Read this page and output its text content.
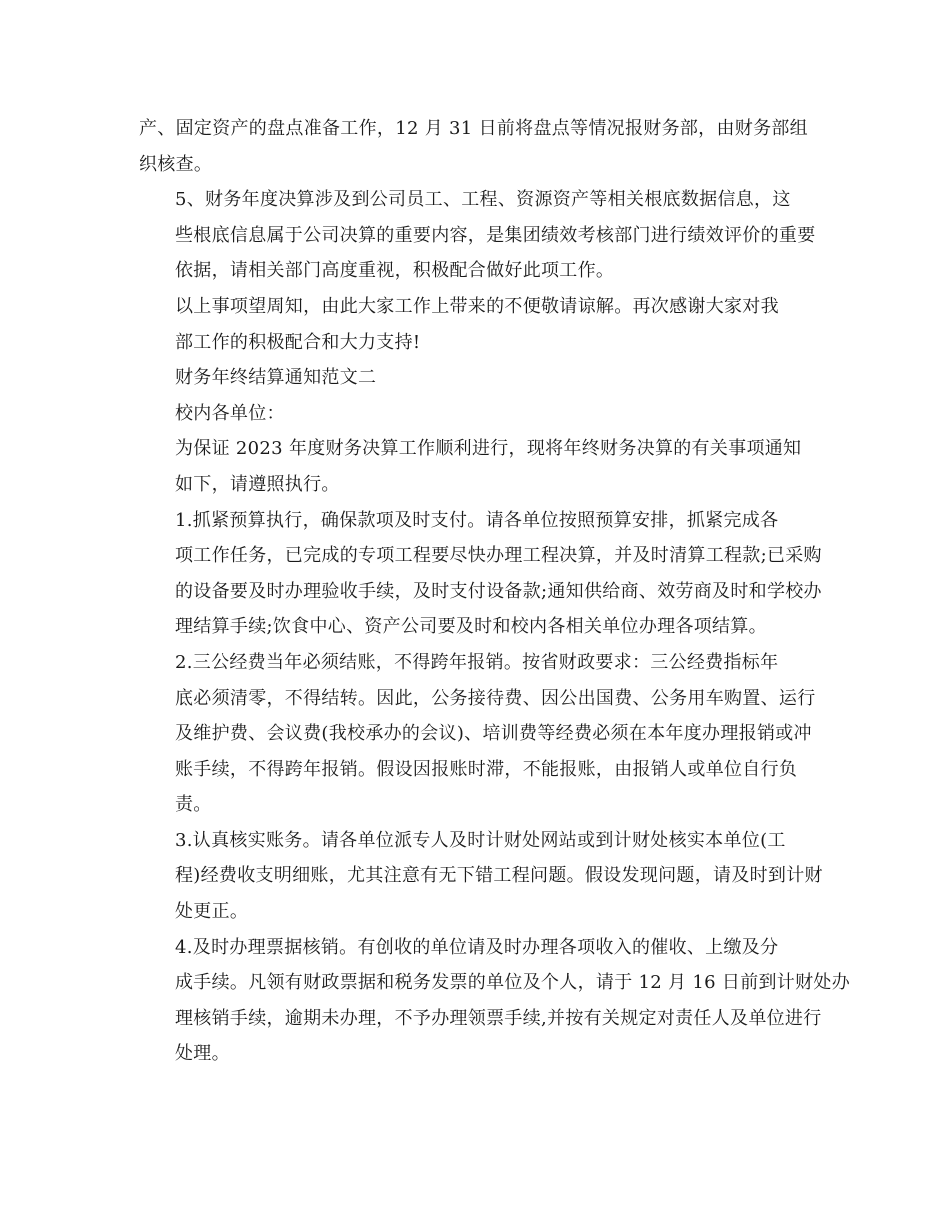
产、固定资产的盘点准备工作，12 月 31 日前将盘点等情况报财务部，由财务部组
织核查。

5、财务年度决算涉及到公司员工、工程、资源资产等相关根底数据信息，这
些根底信息属于公司决算的重要内容，是集团绩效考核部门进行绩效评价的重要
依据，请相关部门高度重视，积极配合做好此项工作。

以上事项望周知，由此大家工作上带来的不便敬请谅解。再次感谢大家对我
部工作的积极配合和大力支持!

财务年终结算通知范文二

校内各单位：

为保证 2023 年度财务决算工作顺利进行，现将年终财务决算的有关事项通知
如下，请遵照执行。

1.抓紧预算执行，确保款项及时支付。请各单位按照预算安排，抓紧完成各
项工作任务，已完成的专项工程要尽快办理工程决算，并及时清算工程款;已采购
的设备要及时办理验收手续，及时支付设备款;通知供给商、效劳商及时和学校办
理结算手续;饮食中心、资产公司要及时和校内各相关单位办理各项结算。

2.三公经费当年必须结账，不得跨年报销。按省财政要求：三公经费指标年
底必须清零，不得结转。因此，公务接待费、因公出国费、公务用车购置、运行
及维护费、会议费(我校承办的会议)、培训费等经费必须在本年度办理报销或冲
账手续，不得跨年报销。假设因报账时滞，不能报账，由报销人或单位自行负
责。

3.认真核实账务。请各单位派专人及时计财处网站或到计财处核实本单位(工
程)经费收支明细账，尤其注意有无下错工程问题。假设发现问题，请及时到计财
处更正。

4.及时办理票据核销。有创收的单位请及时办理各项收入的催收、上缴及分
成手续。凡领有财政票据和税务发票的单位及个人，请于 12 月 16 日前到计财处办
理核销手续，逾期未办理，不予办理领票手续,并按有关规定对责任人及单位进行
处理。
